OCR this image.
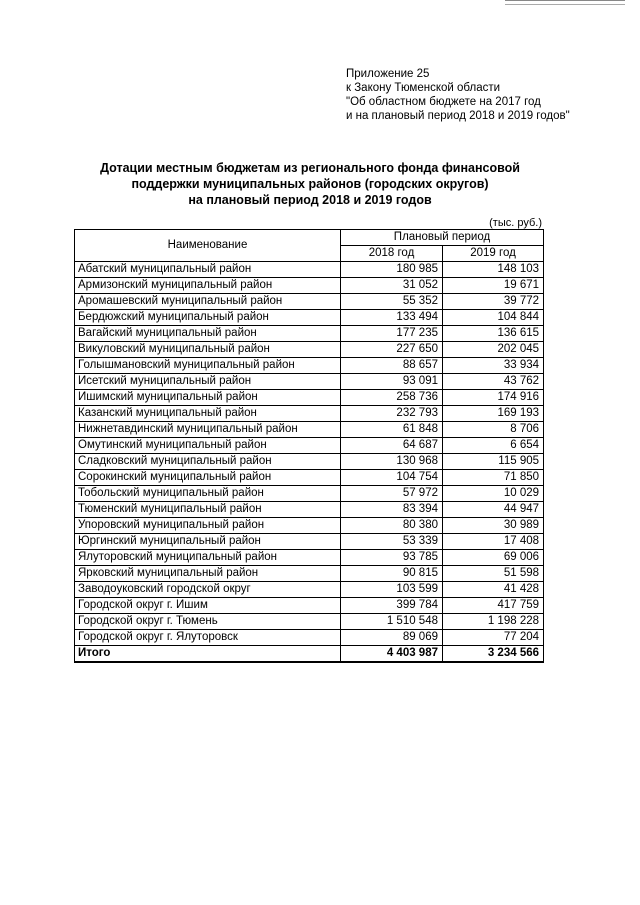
Приложение 25
к Закону Тюменской области
"Об областном бюджете на 2017 год
и на плановый период 2018 и 2019 годов"
Дотации местным бюджетам из регионального фонда финансовой
поддержки муниципальных районов (городских округов)
на плановый период 2018 и 2019 годов
(тыс. руб.)
Наименование	Плановый период	
	2018 год	2019 год
Абатский муниципальный район	180 985	148 103
Армизонский муниципальный район	31 052	19 671
Аромашевский муниципальный район	55 352	39 772
Бердюжский муниципальный район	133 494	104 844
Вагайский муниципальный район	177 235	136 615
Викуловский муниципальный район	227 650	202 045
Голышмановский муниципальный район	88 657	33 934
Исетский муниципальный район	93 091	43 762
Ишимский муниципальный район	258 736	174 916
Казанский муниципальный район	232 793	169 193
Нижнетавдинский муниципальный район	61 848	8 706
Омутинский муниципальный район	64 687	6 654
Сладковский муниципальный район	130 968	115 905
Сорокинский муниципальный район	104 754	71 850
Тобольский муниципальный район	57 972	10 029
Тюменский муниципальный район	83 394	44 947
Упоровский муниципальный район	80 380	30 989
Юргинский муниципальный район	53 339	17 408
Ялуторовский муниципальный район	93 785	69 006
Ярковский муниципальный район	90 815	51 598
Заводоуковский городской округ	103 599	41 428
Городской округ г. Ишим	399 784	417 759
Городской округ г. Тюмень	1 510 548	1 198 228
Городской округ г. Ялуторовск	89 069	77 204
Итого	4 403 987	3 234 566
